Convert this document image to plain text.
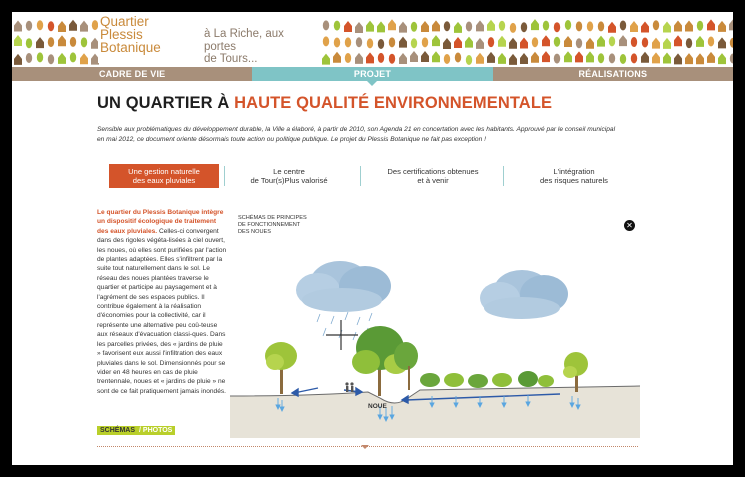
Quartier
Plessis
Botanique
à La Riche, aux portes
de Tours...
CADRE DE VIE	PROJET	RÉALISATIONS
UN QUARTIER À HAUTE QUALITÉ ENVIRONNEMENTALE
Sensible aux problématiques du développement durable, la Ville a élaboré, à partir de 2010, son Agenda 21 en concertation avec les habitants. Approuvé par le conseil municipal en mai 2012, ce document oriente désormais toute action ou politique publique. Le projet du Plessis Botanique ne fait pas exception !
Une gestion naturelle
des eaux pluviales
Le centre
de Tour(s)Plus valorisé
Des certifications obtenues
et à venir
L'intégration
des risques naturels
Le quartier du Plessis Botanique intègre un dispositif écologique de traitement des eaux pluviales. Celles-ci convergent dans des rigoles végéta-lisées à ciel ouvert, les noues, où elles sont purifiées par l'action de plantes adaptées. Elles s'infiltrent par la suite tout naturellement dans le sol. Le réseau des noues plantées traverse le quartier et participe au paysagement et à l'agrément de ses espaces publics. Il contribue également à la réalisation d'économies pour la collectivité, car il représente une alternative peu coû-teuse aux réseaux d'évacuation classi-ques. Dans les parcelles privées, des « jardins de pluie » favorisent eux aussi l'infiltration des eaux pluviales dans le sol. Dimensionnés pour se vider en 48 heures en cas de pluie trentennale, noues et « jardins de pluie » ne sont de ce fait pratiquement jamais inondés.
SCHÉMAS / PHOTOS
SCHÉMAS DE PRINCIPES
DE FONCTIONNEMENT
DES NOUES
✕
NOUE
